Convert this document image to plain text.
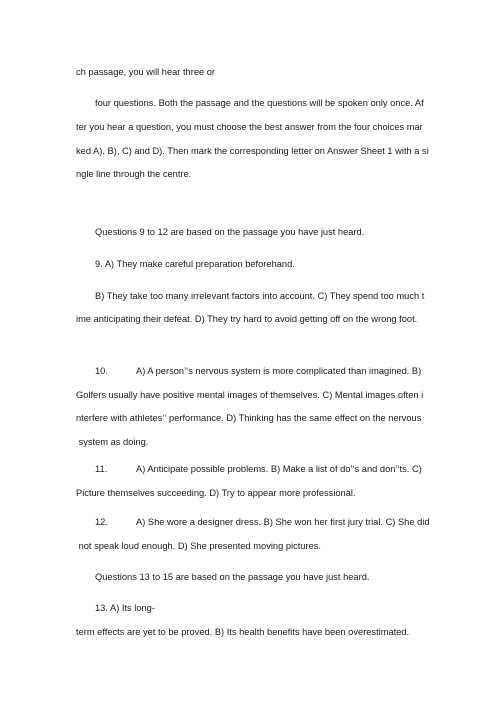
ch passage, you will hear three or
four questions. Both the passage and the questions will be spoken only once. Af
ter you hear a question, you must choose the best answer from the four choices mar
ked A), B), C) and D). Then mark the corresponding letter on Answer Sheet 1 with a si
ngle line through the centre.
Questions 9 to 12 are based on the passage you have just heard.
9. A) They make careful preparation beforehand.
B) They take too many irrelevant factors into account. C) They spend too much t
ime anticipating their defeat. D) They try hard to avoid getting off on the wrong foot.
10.	A) A person’‘s nervous system is more complicated than imagined. B)
Golfers usually have positive mental images of themselves. C) Mental images often i
nterfere with athletes’‘ performance. D) Thinking has the same effect on the nervous
system as doing.
11.	A) Anticipate possible problems. B) Make a list of do’‘s and don’‘ts. C)
Picture themselves succeeding. D) Try to appear more professional.
12.	A) She wore a designer dress. B) She won her first jury trial. C) She did
not speak loud enough. D) She presented moving pictures.
Questions 13 to 15 are based on the passage you have just heard.
13. A) Its long-
term effects are yet to be proved. B) Its health benefits have been overestimated.
